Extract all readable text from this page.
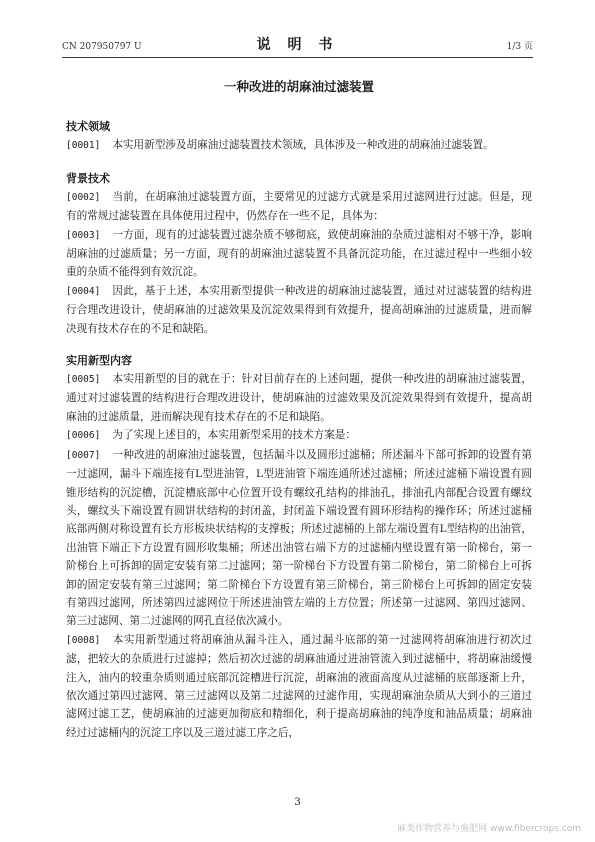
CN 207950797 U	说 明 书	1/3 页

一种改进的胡麻油过滤装置

技术领域

[0001] 本实用新型涉及胡麻油过滤装置技术领域，具体涉及一种改进的胡麻油过滤装置。

背景技术

[0002] 当前，在胡麻油过滤装置方面，主要常见的过滤方式就是采用过滤网进行过滤。但是，现有的常规过滤装置在具体使用过程中，仍然存在一些不足，具体为：

[0003] 一方面，现有的过滤装置过滤杂质不够彻底，致使胡麻油的杂质过滤相对不够干净，影响胡麻油的过滤质量；另一方面，现有的胡麻油过滤装置不具备沉淀功能，在过滤过程中一些细小较重的杂质不能得到有效沉淀。

[0004] 因此，基于上述，本实用新型提供一种改进的胡麻油过滤装置，通过对过滤装置的结构进行合理改进设计，使胡麻油的过滤效果及沉淀效果得到有效提升，提高胡麻油的过滤质量，进而解决现有技术存在的不足和缺陷。

实用新型内容

[0005] 本实用新型的目的就在于：针对目前存在的上述问题，提供一种改进的胡麻油过滤装置，通过对过滤装置的结构进行合理改进设计，使胡麻油的过滤效果及沉淀效果得到有效提升，提高胡麻油的过滤质量，进而解决现有技术存在的不足和缺陷。

[0006] 为了实现上述目的，本实用新型采用的技术方案是：

[0007] 一种改进的胡麻油过滤装置，包括漏斗以及圆形过滤桶；所述漏斗下部可拆卸的设置有第一过滤网，漏斗下端连接有L型进油管，L型进油管下端连通所述过滤桶；所述过滤桶下端设置有圆锥形结构的沉淀槽，沉淀槽底部中心位置开设有螺纹孔结构的排油孔，排油孔内部配合设置有螺纹头，螺纹头下端设置有圆饼状结构的封闭盖，封闭盖下端设置有圆环形结构的操作环；所述过滤桶底部两侧对称设置有长方形板块状结构的支撑板；所述过滤桶的上部左端设置有L型结构的出油管，出油管下端正下方设置有圆形收集桶；所述出油管右端下方的过滤桶内壁设置有第一阶梯台，第一阶梯台上可拆卸的固定安装有第二过滤网；第一阶梯台下方设置有第二阶梯台，第二阶梯台上可拆卸的固定安装有第三过滤网；第二阶梯台下方设置有第三阶梯台，第三阶梯台上可拆卸的固定安装有第四过滤网，所述第四过滤网位于所述进油管左端的上方位置；所述第一过滤网、第四过滤网、第三过滤网、第二过滤网的网孔直径依次减小。

[0008] 本实用新型通过将胡麻油从漏斗注入，通过漏斗底部的第一过滤网将胡麻油进行初次过滤，把较大的杂质进行过滤掉；然后初次过滤的胡麻油通过进油管流入到过滤桶中，将胡麻油缓慢注入，油内的较重杂质则通过底部沉淀槽进行沉淀，胡麻油的液面高度从过滤桶的底部逐渐上升，依次通过第四过滤网、第三过滤网以及第二过滤网的过滤作用，实现胡麻油杂质从大到小的三道过滤网过滤工艺，使胡麻油的过滤更加彻底和精细化，利于提高胡麻油的纯净度和油品质量；胡麻油经过过滤桶内的沉淀工序以及三道过滤工序之后，

3
麻类作物营养与施肥网 www.fibercrops.com
